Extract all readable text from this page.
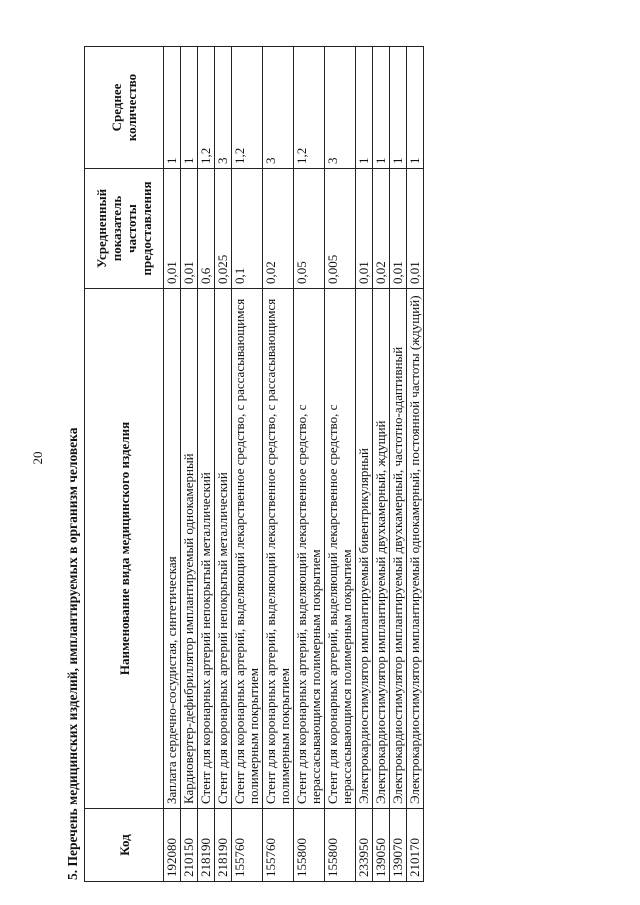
20 5. Перечень медицинских изделий, имплантируемых в организм человека	Код	Наименование вида медицинского изделия	Усредненный показатель частоты предоставления	Среднее количество
192080	Заплата сердечно-сосудистая, синтетическая	0,01	1
210150	Кардиовертер-дефибриллятор имплантируемый однокамерный	0,01	1
218190	Стент для коронарных артерий непокрытый металлический	0,6	1,2
218190	Стент для коронарных артерий непокрытый металлический	0,025	3
155760	Стент для коронарных артерий, выделяющий лекарственное средство, с рассасывающимся полимерным покрытием	0,1	1,2
155760	Стент для коронарных артерий, выделяющий лекарственное средство, с рассасывающимся полимерным покрытием	0,02	3
155800	Стент для коронарных артерий, выделяющий лекарственное средство, с нерассасывающимся полимерным покрытием	0,05	1,2
155800	Стент для коронарных артерий, выделяющий лекарственное средство, с нерассасывающимся полимерным покрытием	0,005	3
233950	Электрокардиостимулятор имплантируемый бивентрикулярный	0,01	1
139050	Электрокардиостимулятор имплантируемый двухкамерный, ждущий	0,02	1
139070	Электрокардиостимулятор имплантируемый двухкамерный, частотно-адаптивный	0,01	1
210170	Электрокардиостимулятор имплантируемый однокамерный, постоянной частоты (ждущий)	0,01	1
